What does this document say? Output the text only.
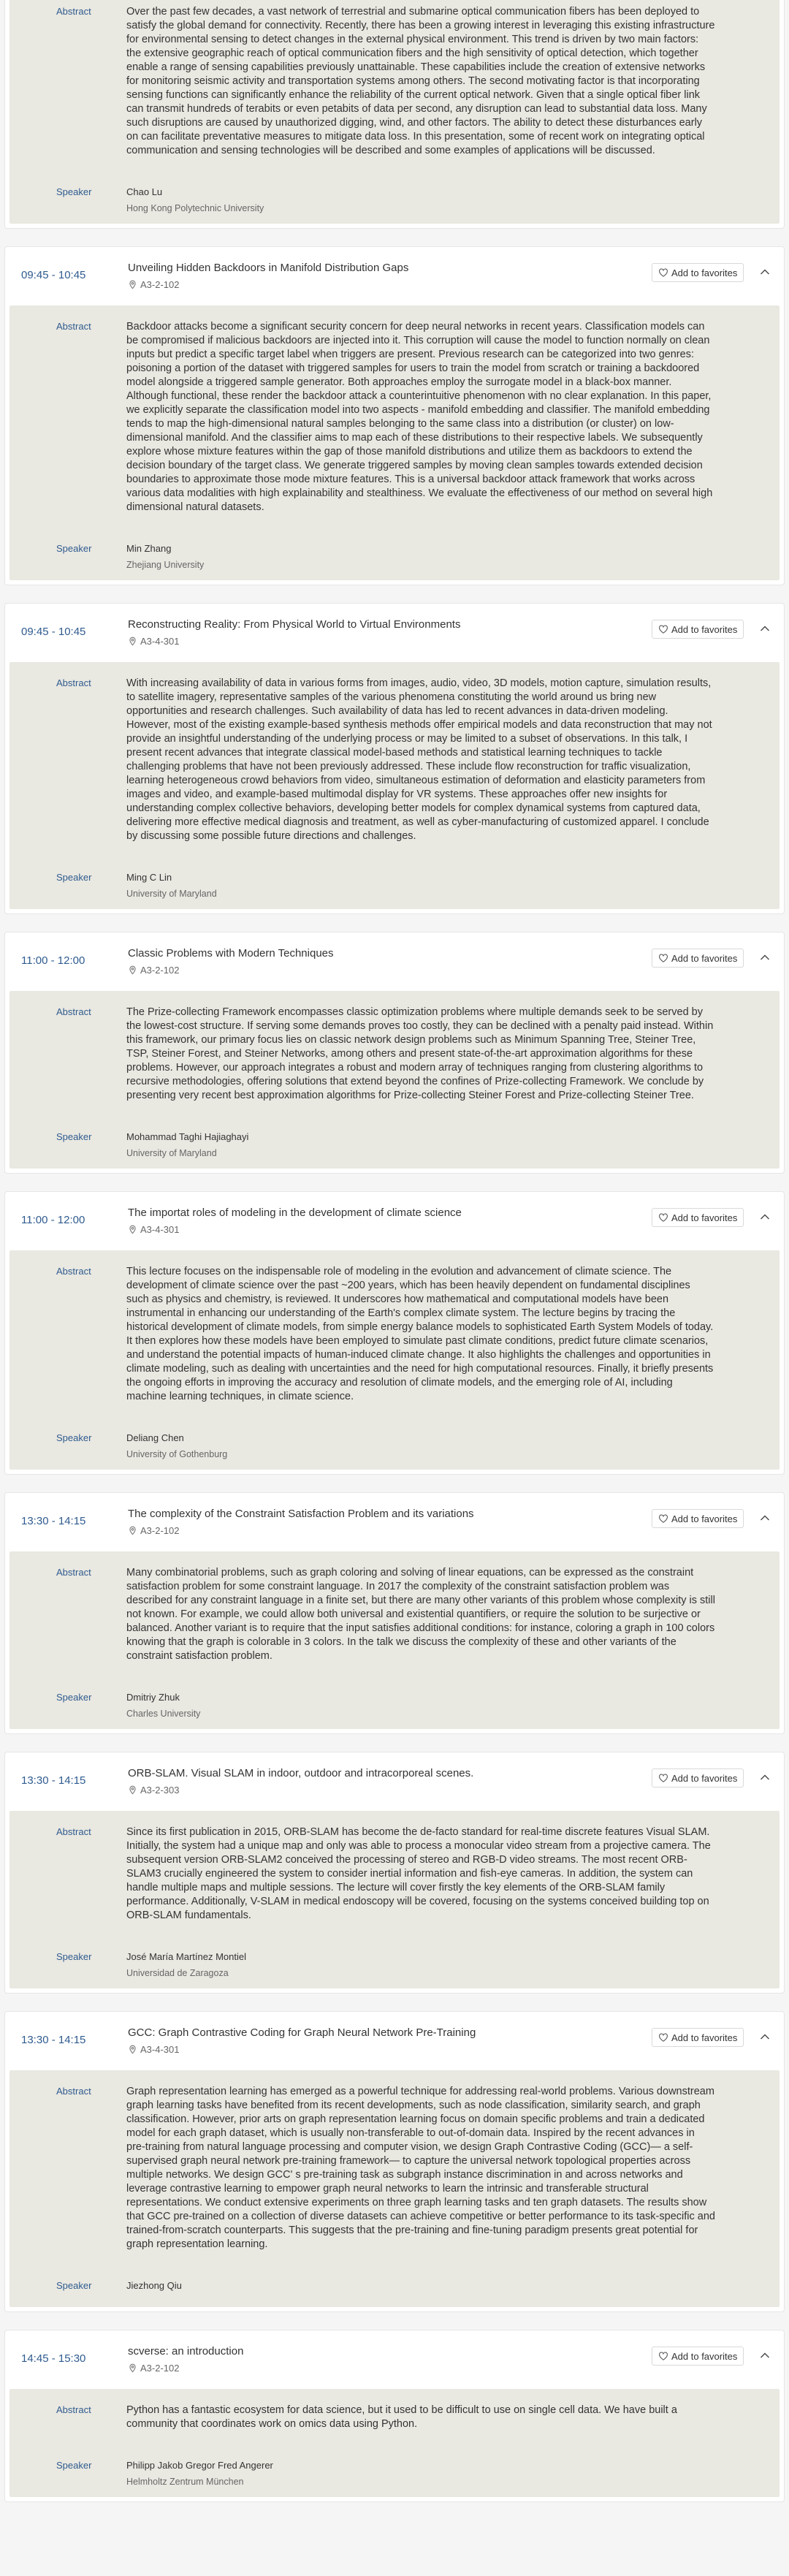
Abstract	Over the past few decades, a vast network of terrestrial and submarine optical communication fibers has been deployed to satisfy the global demand for connectivity. Recently, there has been a growing interest in leveraging this existing infrastructure for environmental sensing to detect changes in the external physical environment. This trend is driven by two main factors: the extensive geographic reach of optical communication fibers and the high sensitivity of optical detection, which together enable a range of sensing capabilities previously unattainable. These capabilities include the creation of extensive networks for monitoring seismic activity and transportation systems among others. The second motivating factor is that incorporating sensing functions can significantly enhance the reliability of the current optical network. Given that a single optical fiber link can transmit hundreds of terabits or even petabits of data per second, any disruption can lead to substantial data loss. Many such disruptions are caused by unauthorized digging, wind, and other factors. The ability to detect these disturbances early on can facilitate preventative measures to mitigate data loss. In this presentation, some of recent work on integrating optical communication and sensing technologies will be described and some examples of applications will be discussed.
Speaker	Chao Lu
Hong Kong Polytechnic University
09:45 - 10:45
Unveiling Hidden Backdoors in Manifold Distribution Gaps
A3-2-102
Add to favorites
Abstract	Backdoor attacks become a significant security concern for deep neural networks in recent years. Classification models can be compromised if malicious backdoors are injected into it. This corruption will cause the model to function normally on clean inputs but predict a specific target label when triggers are present. Previous research can be categorized into two genres: poisoning a portion of the dataset with triggered samples for users to train the model from scratch or training a backdoored model alongside a triggered sample generator. Both approaches employ the surrogate model in a black-box manner. Although functional, these render the backdoor attack a counterintuitive phenomenon with no clear explanation. In this paper, we explicitly separate the classification model into two aspects - manifold embedding and classifier. The manifold embedding tends to map the high-dimensional natural samples belonging to the same class into a distribution (or cluster) on low-dimensional manifold. And the classifier aims to map each of these distributions to their respective labels. We subsequently explore whose mixture features within the gap of those manifold distributions and utilize them as backdoors to extend the decision boundary of the target class. We generate triggered samples by moving clean samples towards extended decision boundaries to approximate those mode mixture features. This is a universal backdoor attack framework that works across various data modalities with high explainability and stealthiness. We evaluate the effectiveness of our method on several high dimensional natural datasets.
Speaker	Min Zhang
Zhejiang University
09:45 - 10:45
Reconstructing Reality: From Physical World to Virtual Environments
A3-4-301
Add to favorites
Abstract	With increasing availability of data in various forms from images, audio, video, 3D models, motion capture, simulation results, to satellite imagery, representative samples of the various phenomena constituting the world around us bring new opportunities and research challenges. Such availability of data has led to recent advances in data-driven modeling. However, most of the existing example-based synthesis methods offer empirical models and data reconstruction that may not provide an insightful understanding of the underlying process or may be limited to a subset of observations. In this talk, I present recent advances that integrate classical model-based methods and statistical learning techniques to tackle challenging problems that have not been previously addressed. These include flow reconstruction for traffic visualization, learning heterogeneous crowd behaviors from video, simultaneous estimation of deformation and elasticity parameters from images and video, and example-based multimodal display for VR systems. These approaches offer new insights for understanding complex collective behaviors, developing better models for complex dynamical systems from captured data, delivering more effective medical diagnosis and treatment, as well as cyber-manufacturing of customized apparel. I conclude by discussing some possible future directions and challenges.
Speaker	Ming C Lin
University of Maryland
11:00 - 12:00
Classic Problems with Modern Techniques
A3-2-102
Add to favorites
Abstract	The Prize-collecting Framework encompasses classic optimization problems where multiple demands seek to be served by the lowest-cost structure. If serving some demands proves too costly, they can be declined with a penalty paid instead. Within this framework, our primary focus lies on classic network design problems such as Minimum Spanning Tree, Steiner Tree, TSP, Steiner Forest, and Steiner Networks, among others and present state-of-the-art approximation algorithms for these problems. However, our approach integrates a robust and modern array of techniques ranging from clustering algorithms to recursive methodologies, offering solutions that extend beyond the confines of Prize-collecting Framework. We conclude by presenting very recent best approximation algorithms for Prize-collecting Steiner Forest and Prize-collecting Steiner Tree.
Speaker	Mohammad Taghi Hajiaghayi
University of Maryland
11:00 - 12:00
The importat roles of modeling in the development of climate science
A3-4-301
Add to favorites
Abstract	This lecture focuses on the indispensable role of modeling in the evolution and advancement of climate science. The development of climate science over the past ~200 years, which has been heavily dependent on fundamental disciplines such as physics and chemistry, is reviewed. It underscores how mathematical and computational models have been instrumental in enhancing our understanding of the Earth's complex climate system. The lecture begins by tracing the historical development of climate models, from simple energy balance models to sophisticated Earth System Models of today. It then explores how these models have been employed to simulate past climate conditions, predict future climate scenarios, and understand the potential impacts of human-induced climate change. It also highlights the challenges and opportunities in climate modeling, such as dealing with uncertainties and the need for high computational resources. Finally, it briefly presents the ongoing efforts in improving the accuracy and resolution of climate models, and the emerging role of AI, including machine learning techniques, in climate science.
Speaker	Deliang Chen
University of Gothenburg
13:30 - 14:15
The complexity of the Constraint Satisfaction Problem and its variations
A3-2-102
Add to favorites
Abstract	Many combinatorial problems, such as graph coloring and solving of linear equations, can be expressed as the constraint satisfaction problem for some constraint language. In 2017 the complexity of the constraint satisfaction problem was described for any constraint language in a finite set, but there are many other variants of this problem whose complexity is still not known. For example, we could allow both universal and existential quantifiers, or require the solution to be surjective or balanced. Another variant is to require that the input satisfies additional conditions: for instance, coloring a graph in 100 colors knowing that the graph is colorable in 3 colors. In the talk we discuss the complexity of these and other variants of the constraint satisfaction problem.
Speaker	Dmitriy Zhuk
Charles University
13:30 - 14:15
ORB-SLAM. Visual SLAM in indoor, outdoor and intracorporeal scenes.
A3-2-303
Add to favorites
Abstract	Since its first publication in 2015, ORB-SLAM has become the de-facto standard for real-time discrete features Visual SLAM. Initially, the system had a unique map and only was able to process a monocular video stream from a projective camera. The subsequent version ORB-SLAM2 conceived the processing of stereo and RGB-D video streams. The most recent ORB-SLAM3 crucially engineered the system to consider inertial information and fish-eye cameras. In addition, the system can handle multiple maps and multiple sessions. The lecture will cover firstly the key elements of the ORB-SLAM family performance. Additionally, V-SLAM in medical endoscopy will be covered, focusing on the systems conceived building top on ORB-SLAM fundamentals.
Speaker	José María Martínez Montiel
Universidad de Zaragoza
13:30 - 14:15
GCC: Graph Contrastive Coding for Graph Neural Network Pre-Training
A3-4-301
Add to favorites
Abstract	Graph representation learning has emerged as a powerful technique for addressing real-world problems. Various downstream graph learning tasks have benefited from its recent developments, such as node classification, similarity search, and graph classification. However, prior arts on graph representation learning focus on domain specific problems and train a dedicated model for each graph dataset, which is usually non-transferable to out-of-domain data. Inspired by the recent advances in pre-training from natural language processing and computer vision, we design Graph Contrastive Coding (GCC)— a self-supervised graph neural network pre-training framework— to capture the universal network topological properties across multiple networks. We design GCC' s pre-training task as subgraph instance discrimination in and across networks and leverage contrastive learning to empower graph neural networks to learn the intrinsic and transferable structural representations. We conduct extensive experiments on three graph learning tasks and ten graph datasets. The results show that GCC pre-trained on a collection of diverse datasets can achieve competitive or better performance to its task-specific and trained-from-scratch counterparts. This suggests that the pre-training and fine-tuning paradigm presents great potential for graph representation learning.
Speaker	Jiezhong Qiu
14:45 - 15:30
scverse: an introduction
A3-2-102
Add to favorites
Abstract	Python has a fantastic ecosystem for data science, but it used to be difficult to use on single cell data. We have built a community that coordinates work on omics data using Python.
Speaker	Philipp Jakob Gregor Fred Angerer
Helmholtz Zentrum München
